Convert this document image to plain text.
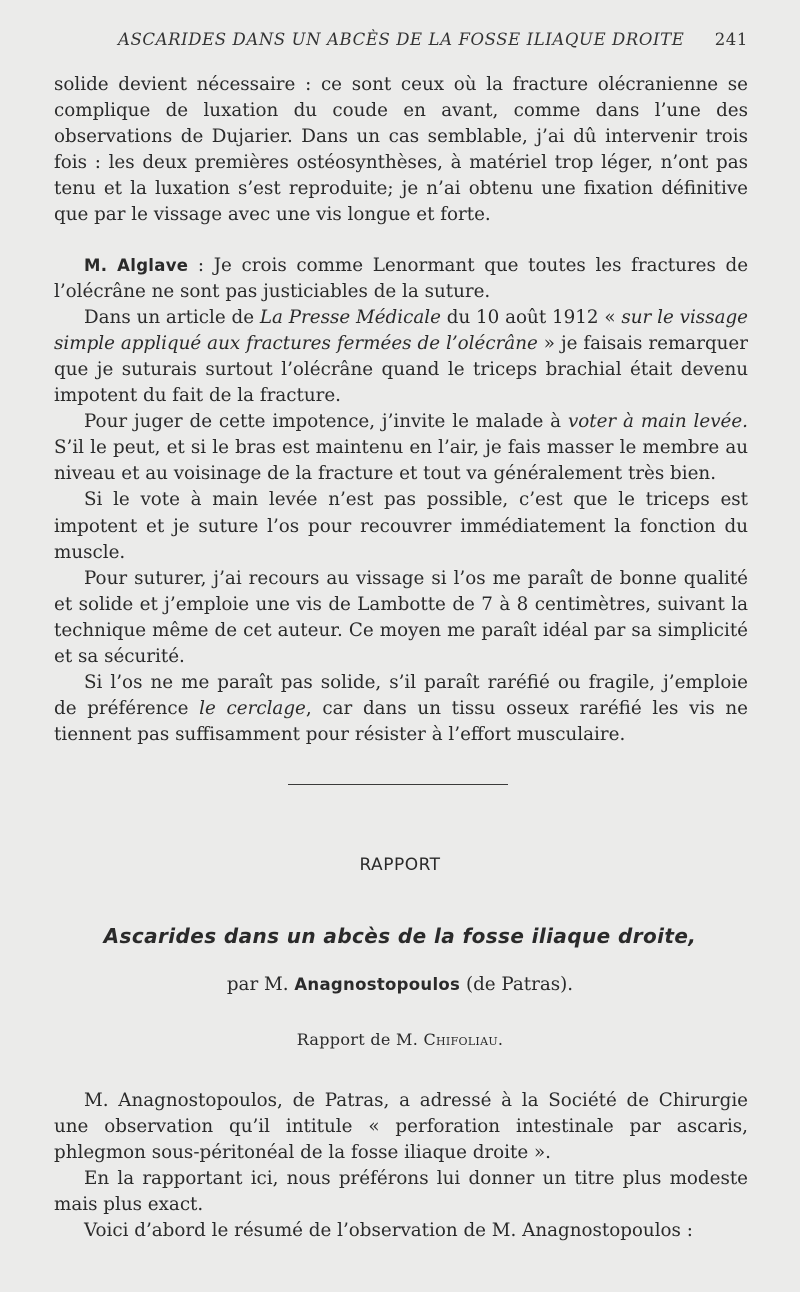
ASCARIDES DANS UN ABCÈS DE LA FOSSE ILIAQUE DROITE 241

solide devient nécessaire : ce sont ceux où la fracture olécranienne se complique de luxation du coude en avant, comme dans l’une des observations de Dujarier. Dans un cas semblable, j’ai dû intervenir trois fois : les deux premières ostéosynthèses, à matériel trop léger, n’ont pas tenu et la luxation s’est reproduite; je n’ai obtenu une fixation définitive que par le vissage avec une vis longue et forte.

M. Alglave : Je crois comme Lenormant que toutes les fractures de l’olécrâne ne sont pas justiciables de la suture.

Dans un article de La Presse Médicale du 10 août 1912 « sur le vissage simple appliqué aux fractures fermées de l’olécrâne » je faisais remarquer que je suturais surtout l’olécrâne quand le triceps brachial était devenu impotent du fait de la fracture.

Pour juger de cette impotence, j’invite le malade à voter à main levée. S’il le peut, et si le bras est maintenu en l’air, je fais masser le membre au niveau et au voisinage de la fracture et tout va généralement très bien.

Si le vote à main levée n’est pas possible, c’est que le triceps est impotent et je suture l’os pour recouvrer immédiatement la fonction du muscle.

Pour suturer, j’ai recours au vissage si l’os me paraît de bonne qualité et solide et j’emploie une vis de Lambotte de 7 à 8 centimètres, suivant la technique même de cet auteur. Ce moyen me paraît idéal par sa simplicité et sa sécurité.

Si l’os ne me paraît pas solide, s’il paraît raréfié ou fragile, j’emploie de préférence le cerclage, car dans un tissu osseux raréfié les vis ne tiennent pas suffisamment pour résister à l’effort musculaire.

RAPPORT
Ascarides dans un abcès de la fosse iliaque droite,
par M. Anagnostopoulos (de Patras).
Rapport de M. Chifoliau.

M. Anagnostopoulos, de Patras, a adressé à la Société de Chirurgie une observation qu’il intitule « perforation intestinale par ascaris, phlegmon sous-péritonéal de la fosse iliaque droite ».

En la rapportant ici, nous préférons lui donner un titre plus modeste mais plus exact.

Voici d’abord le résumé de l’observation de M. Anagnostopoulos :
